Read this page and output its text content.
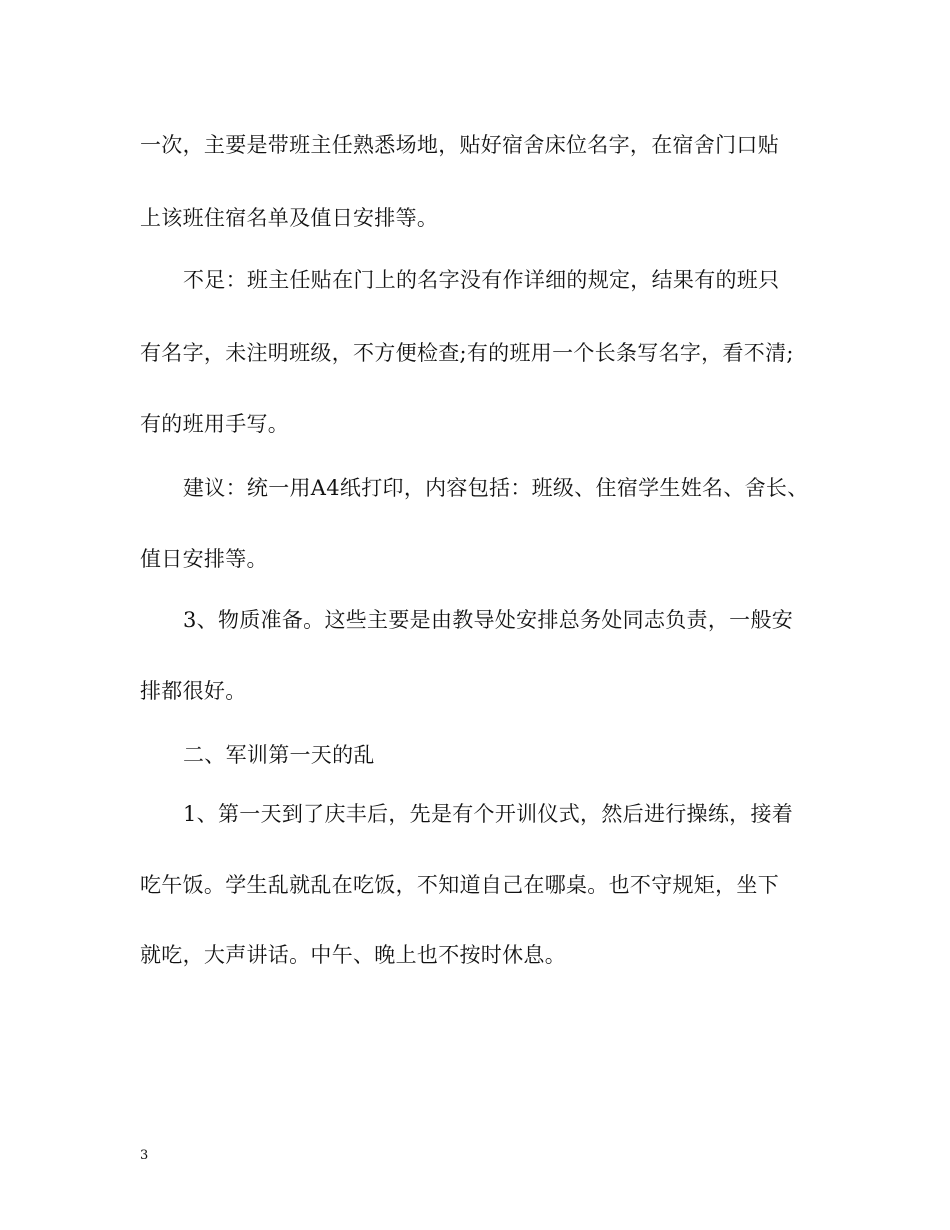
一次，主要是带班主任熟悉场地，贴好宿舍床位名字，在宿舍门口贴
上该班住宿名单及值日安排等。
不足：班主任贴在门上的名字没有作详细的规定，结果有的班只
有名字，未注明班级，不方便检查;有的班用一个长条写名字，看不清;
有的班用手写。
建议：统一用A4纸打印，内容包括：班级、住宿学生姓名、舍长、
值日安排等。
3、物质准备。这些主要是由教导处安排总务处同志负责，一般安
排都很好。
二、军训第一天的乱
1、第一天到了庆丰后，先是有个开训仪式，然后进行操练，接着
吃午饭。学生乱就乱在吃饭，不知道自己在哪桌。也不守规矩，坐下
就吃，大声讲话。中午、晚上也不按时休息。
3
